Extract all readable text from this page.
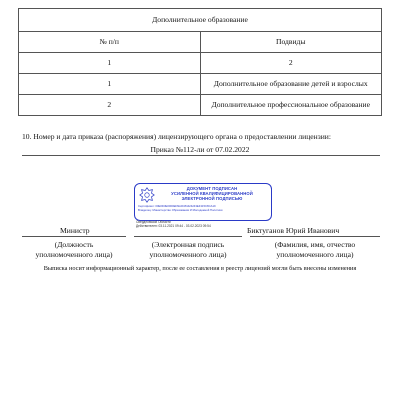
Дополнительное образование	
№ п/п	Подвиды
1	2
1	Дополнительное образование детей и взрослых
2	Дополнительное профессиональное образование
10. Номер и дата приказа (распоряжения) лицензирующего органа о предоставлении лицензии:
Приказ №112-ли от 07.02.2022
ДОКУМЕНТ ПОДПИСАН
УСИЛЕННОЙ КВАЛИФИЦИРОВАННОЙ
ЭЛЕКТРОННОЙ ПОДПИСЬЮ
Сертификат: 00E0D3E0000ED9A0C84424243E4315C8CA19
Владелец: Министерство Образования И Молодежной Политики
Свердловской Области
Действителен: 03.11.2021 09:44 - 03.02.2023 09:54
Министр	Биктуганов Юрий Иванович
(Должность
уполномоченного лица)
(Электронная подпись
уполномоченного лица)
(Фамилия, имя, отчество
уполномоченного лица)
Выписка носит информационный характер, после ее составления в реестр лицензий могли быть внесены изменения
